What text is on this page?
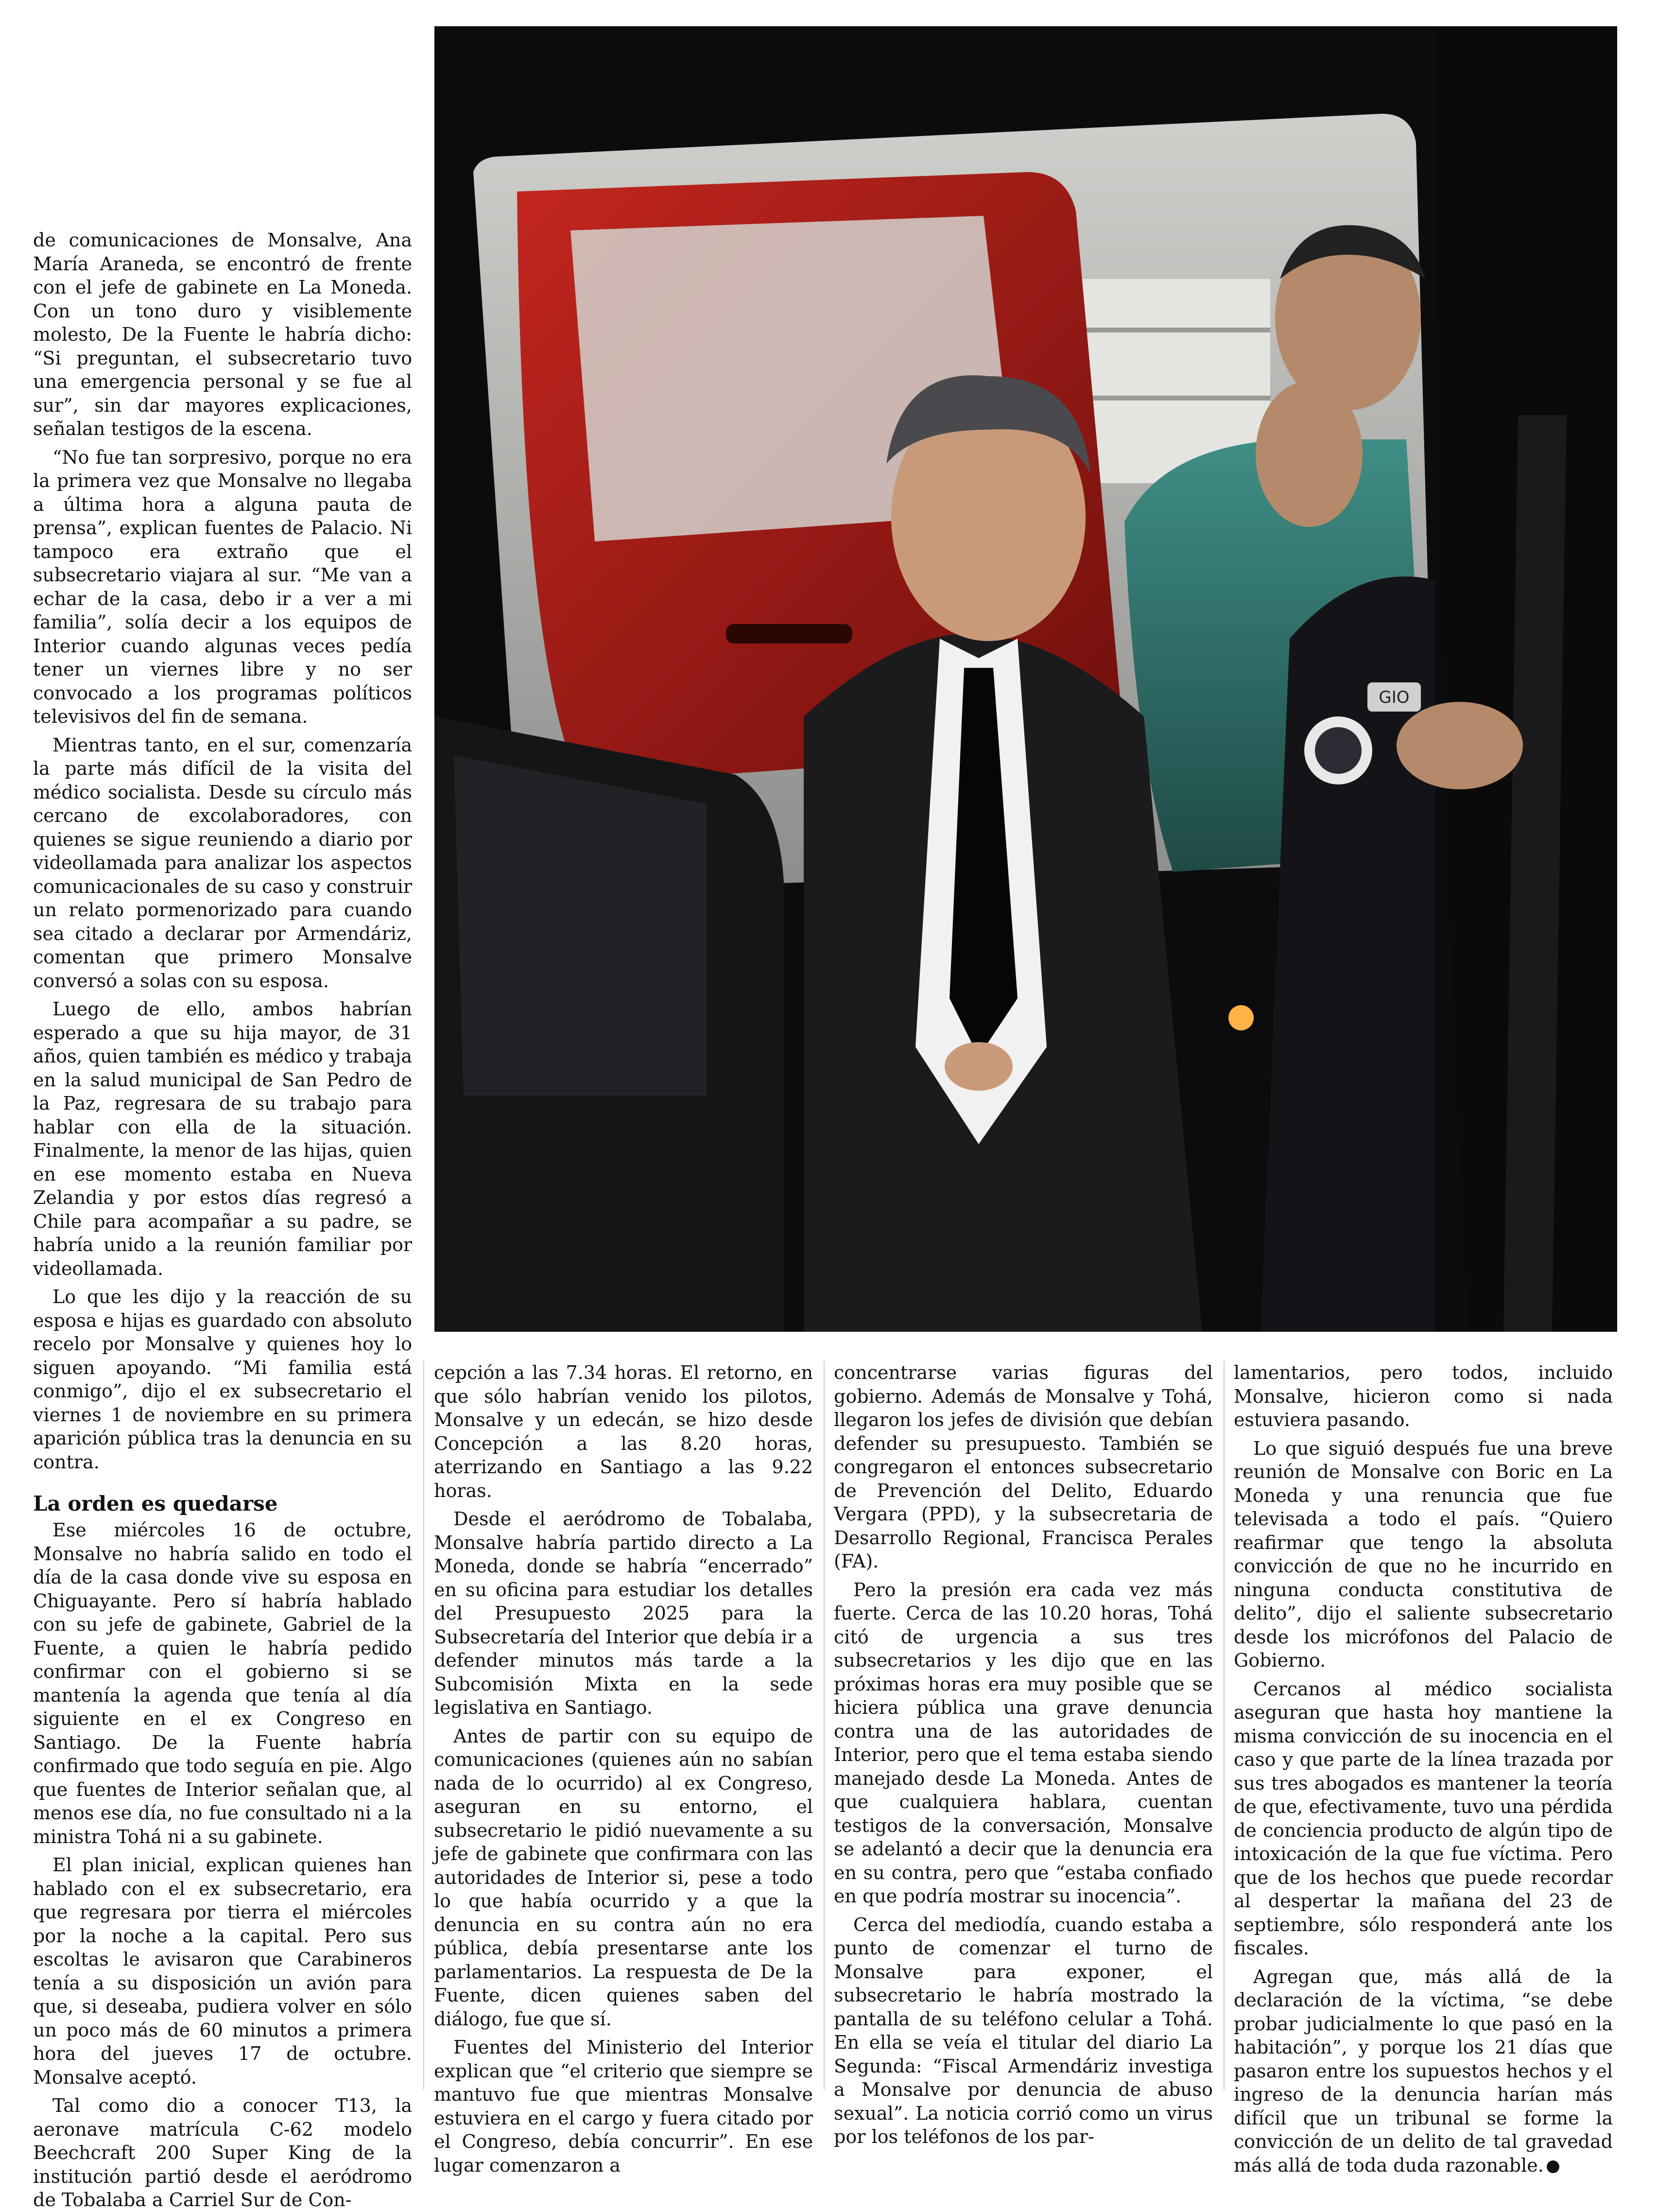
GIO

de comunicaciones de Monsalve, Ana María Araneda, se encontró de frente con el jefe de gabinete en La Moneda. Con un tono duro y visiblemente molesto, De la Fuente le habría dicho: “Si preguntan, el subsecretario tuvo una emergencia personal y se fue al sur”, sin dar mayores explicaciones, señalan testigos de la escena.

“No fue tan sorpresivo, porque no era la primera vez que Monsalve no llegaba a última hora a alguna pauta de prensa”, explican fuentes de Palacio. Ni tampoco era extraño que el subsecretario viajara al sur. “Me van a echar de la casa, debo ir a ver a mi familia”, solía decir a los equipos de Interior cuando algunas veces pedía tener un viernes libre y no ser convocado a los programas políticos televisivos del fin de semana.

Mientras tanto, en el sur, comenzaría la parte más difícil de la visita del médico socialista. Desde su círculo más cercano de excolaboradores, con quienes se sigue reuniendo a diario por videollamada para analizar los aspectos comunicacionales de su caso y construir un relato pormenorizado para cuando sea citado a declarar por Armendáriz, comentan que primero Monsalve conversó a solas con su esposa.

Luego de ello, ambos habrían esperado a que su hija mayor, de 31 años, quien también es médico y trabaja en la salud municipal de San Pedro de la Paz, regresara de su trabajo para hablar con ella de la situación. Finalmente, la menor de las hijas, quien en ese momento estaba en Nueva Zelandia y por estos días regresó a Chile para acompañar a su padre, se habría unido a la reunión familiar por videollamada.

Lo que les dijo y la reacción de su esposa e hijas es guardado con absoluto recelo por Monsalve y quienes hoy lo siguen apoyando. “Mi familia está conmigo”, dijo el ex subsecretario el viernes 1 de noviembre en su primera aparición pública tras la denuncia en su contra.

La orden es quedarse

Ese miércoles 16 de octubre, Monsalve no habría salido en todo el día de la casa donde vive su esposa en Chiguayante. Pero sí habría hablado con su jefe de gabinete, Gabriel de la Fuente, a quien le habría pedido confirmar con el gobierno si se mantenía la agenda que tenía al día siguiente en el ex Congreso en Santiago. De la Fuente habría confirmado que todo seguía en pie. Algo que fuentes de Interior señalan que, al menos ese día, no fue consultado ni a la ministra Tohá ni a su gabinete.

El plan inicial, explican quienes han hablado con el ex subsecretario, era que regresara por tierra el miércoles por la noche a la capital. Pero sus escoltas le avisaron que Carabineros tenía a su disposición un avión para que, si deseaba, pudiera volver en sólo un poco más de 60 minutos a primera hora del jueves 17 de octubre. Monsalve aceptó.

Tal como dio a conocer T13, la aeronave matrícula C-62 modelo Beechcraft 200 Super King de la institución partió desde el aeródromo de Tobalaba a Carriel Sur de Con-

cepción a las 7.34 horas. El retorno, en que sólo habrían venido los pilotos, Monsalve y un edecán, se hizo desde Concepción a las 8.20 horas, aterrizando en Santiago a las 9.22 horas.

Desde el aeródromo de Tobalaba, Monsalve habría partido directo a La Moneda, donde se habría “encerrado” en su oficina para estudiar los detalles del Presupuesto 2025 para la Subsecretaría del Interior que debía ir a defender minutos más tarde a la Subcomisión Mixta en la sede legislativa en Santiago.

Antes de partir con su equipo de comunicaciones (quienes aún no sabían nada de lo ocurrido) al ex Congreso, aseguran en su entorno, el subsecretario le pidió nuevamente a su jefe de gabinete que confirmara con las autoridades de Interior si, pese a todo lo que había ocurrido y a que la denuncia en su contra aún no era pública, debía presentarse ante los parlamentarios. La respuesta de De la Fuente, dicen quienes saben del diálogo, fue que sí.

Fuentes del Ministerio del Interior explican que “el criterio que siempre se mantuvo fue que mientras Monsalve estuviera en el cargo y fuera citado por el Congreso, debía concurrir”. En ese lugar comenzaron a

concentrarse varias figuras del gobierno. Además de Monsalve y Tohá, llegaron los jefes de división que debían defender su presupuesto. También se congregaron el entonces subsecretario de Prevención del Delito, Eduardo Vergara (PPD), y la subsecretaria de Desarrollo Regional, Francisca Perales (FA).

Pero la presión era cada vez más fuerte. Cerca de las 10.20 horas, Tohá citó de urgencia a sus tres subsecretarios y les dijo que en las próximas horas era muy posible que se hiciera pública una grave denuncia contra una de las autoridades de Interior, pero que el tema estaba siendo manejado desde La Moneda. Antes de que cualquiera hablara, cuentan testigos de la conversación, Monsalve se adelantó a decir que la denuncia era en su contra, pero que “estaba confiado en que podría mostrar su inocencia”.

Cerca del mediodía, cuando estaba a punto de comenzar el turno de Monsalve para exponer, el subsecretario le habría mostrado la pantalla de su teléfono celular a Tohá. En ella se veía el titular del diario La Segunda: “Fiscal Armendáriz investiga a Monsalve por denuncia de abuso sexual”. La noticia corrió como un virus por los teléfonos de los par-

lamentarios, pero todos, incluido Monsalve, hicieron como si nada estuviera pasando.

Lo que siguió después fue una breve reunión de Monsalve con Boric en La Moneda y una renuncia que fue televisada a todo el país. “Quiero reafirmar que tengo la absoluta convicción de que no he incurrido en ninguna conducta constitutiva de delito”, dijo el saliente subsecretario desde los micrófonos del Palacio de Gobierno.

Cercanos al médico socialista aseguran que hasta hoy mantiene la misma convicción de su inocencia en el caso y que parte de la línea trazada por sus tres abogados es mantener la teoría de que, efectivamente, tuvo una pérdida de conciencia producto de algún tipo de intoxicación de la que fue víctima. Pero que de los hechos que puede recordar al despertar la mañana del 23 de septiembre, sólo responderá ante los fiscales.

Agregan que, más allá de la declaración de la víctima, “se debe probar judicialmente lo que pasó en la habitación”, y porque los 21 días que pasaron entre los supuestos hechos y el ingreso de la denuncia harían más difícil que un tribunal se forme la convicción de un delito de tal gravedad más allá de toda duda razonable.	❶
